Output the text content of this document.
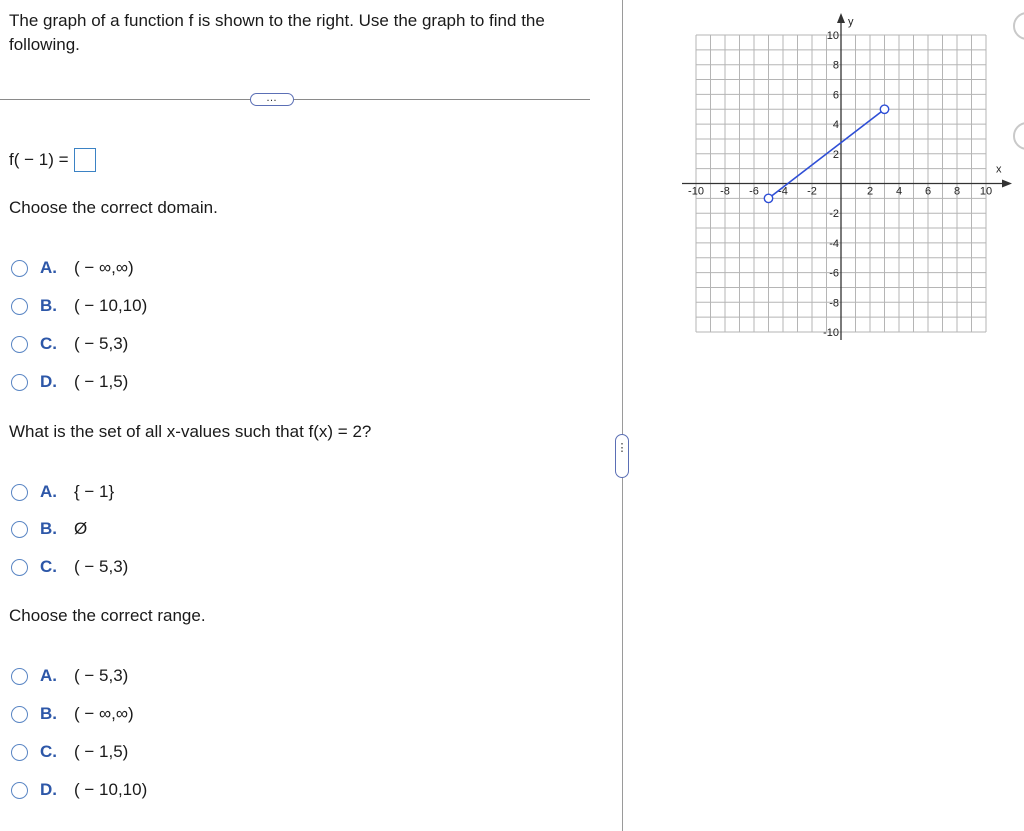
The graph of a function f is shown to the right. Use the graph to find the following.
…
f( − 1) =
Choose the correct domain.
A.	( − ∞,∞)
B.	( − 10,10)
C.	( − 5,3)
D.	( − 1,5)
What is the set of all x-values such that f(x) = 2?
A.	{ − 1}
B.	Ø
C.	( − 5,3)
Choose the correct range.
A.	( − 5,3)
B.	( − ∞,∞)
C.	( − 1,5)
D.	( − 10,10)
⋮
x
y
-10 -8 -6 -4 -2	2 4 6 8 10
10
8
6
4
2
-2
-4
-6
-8
-10
